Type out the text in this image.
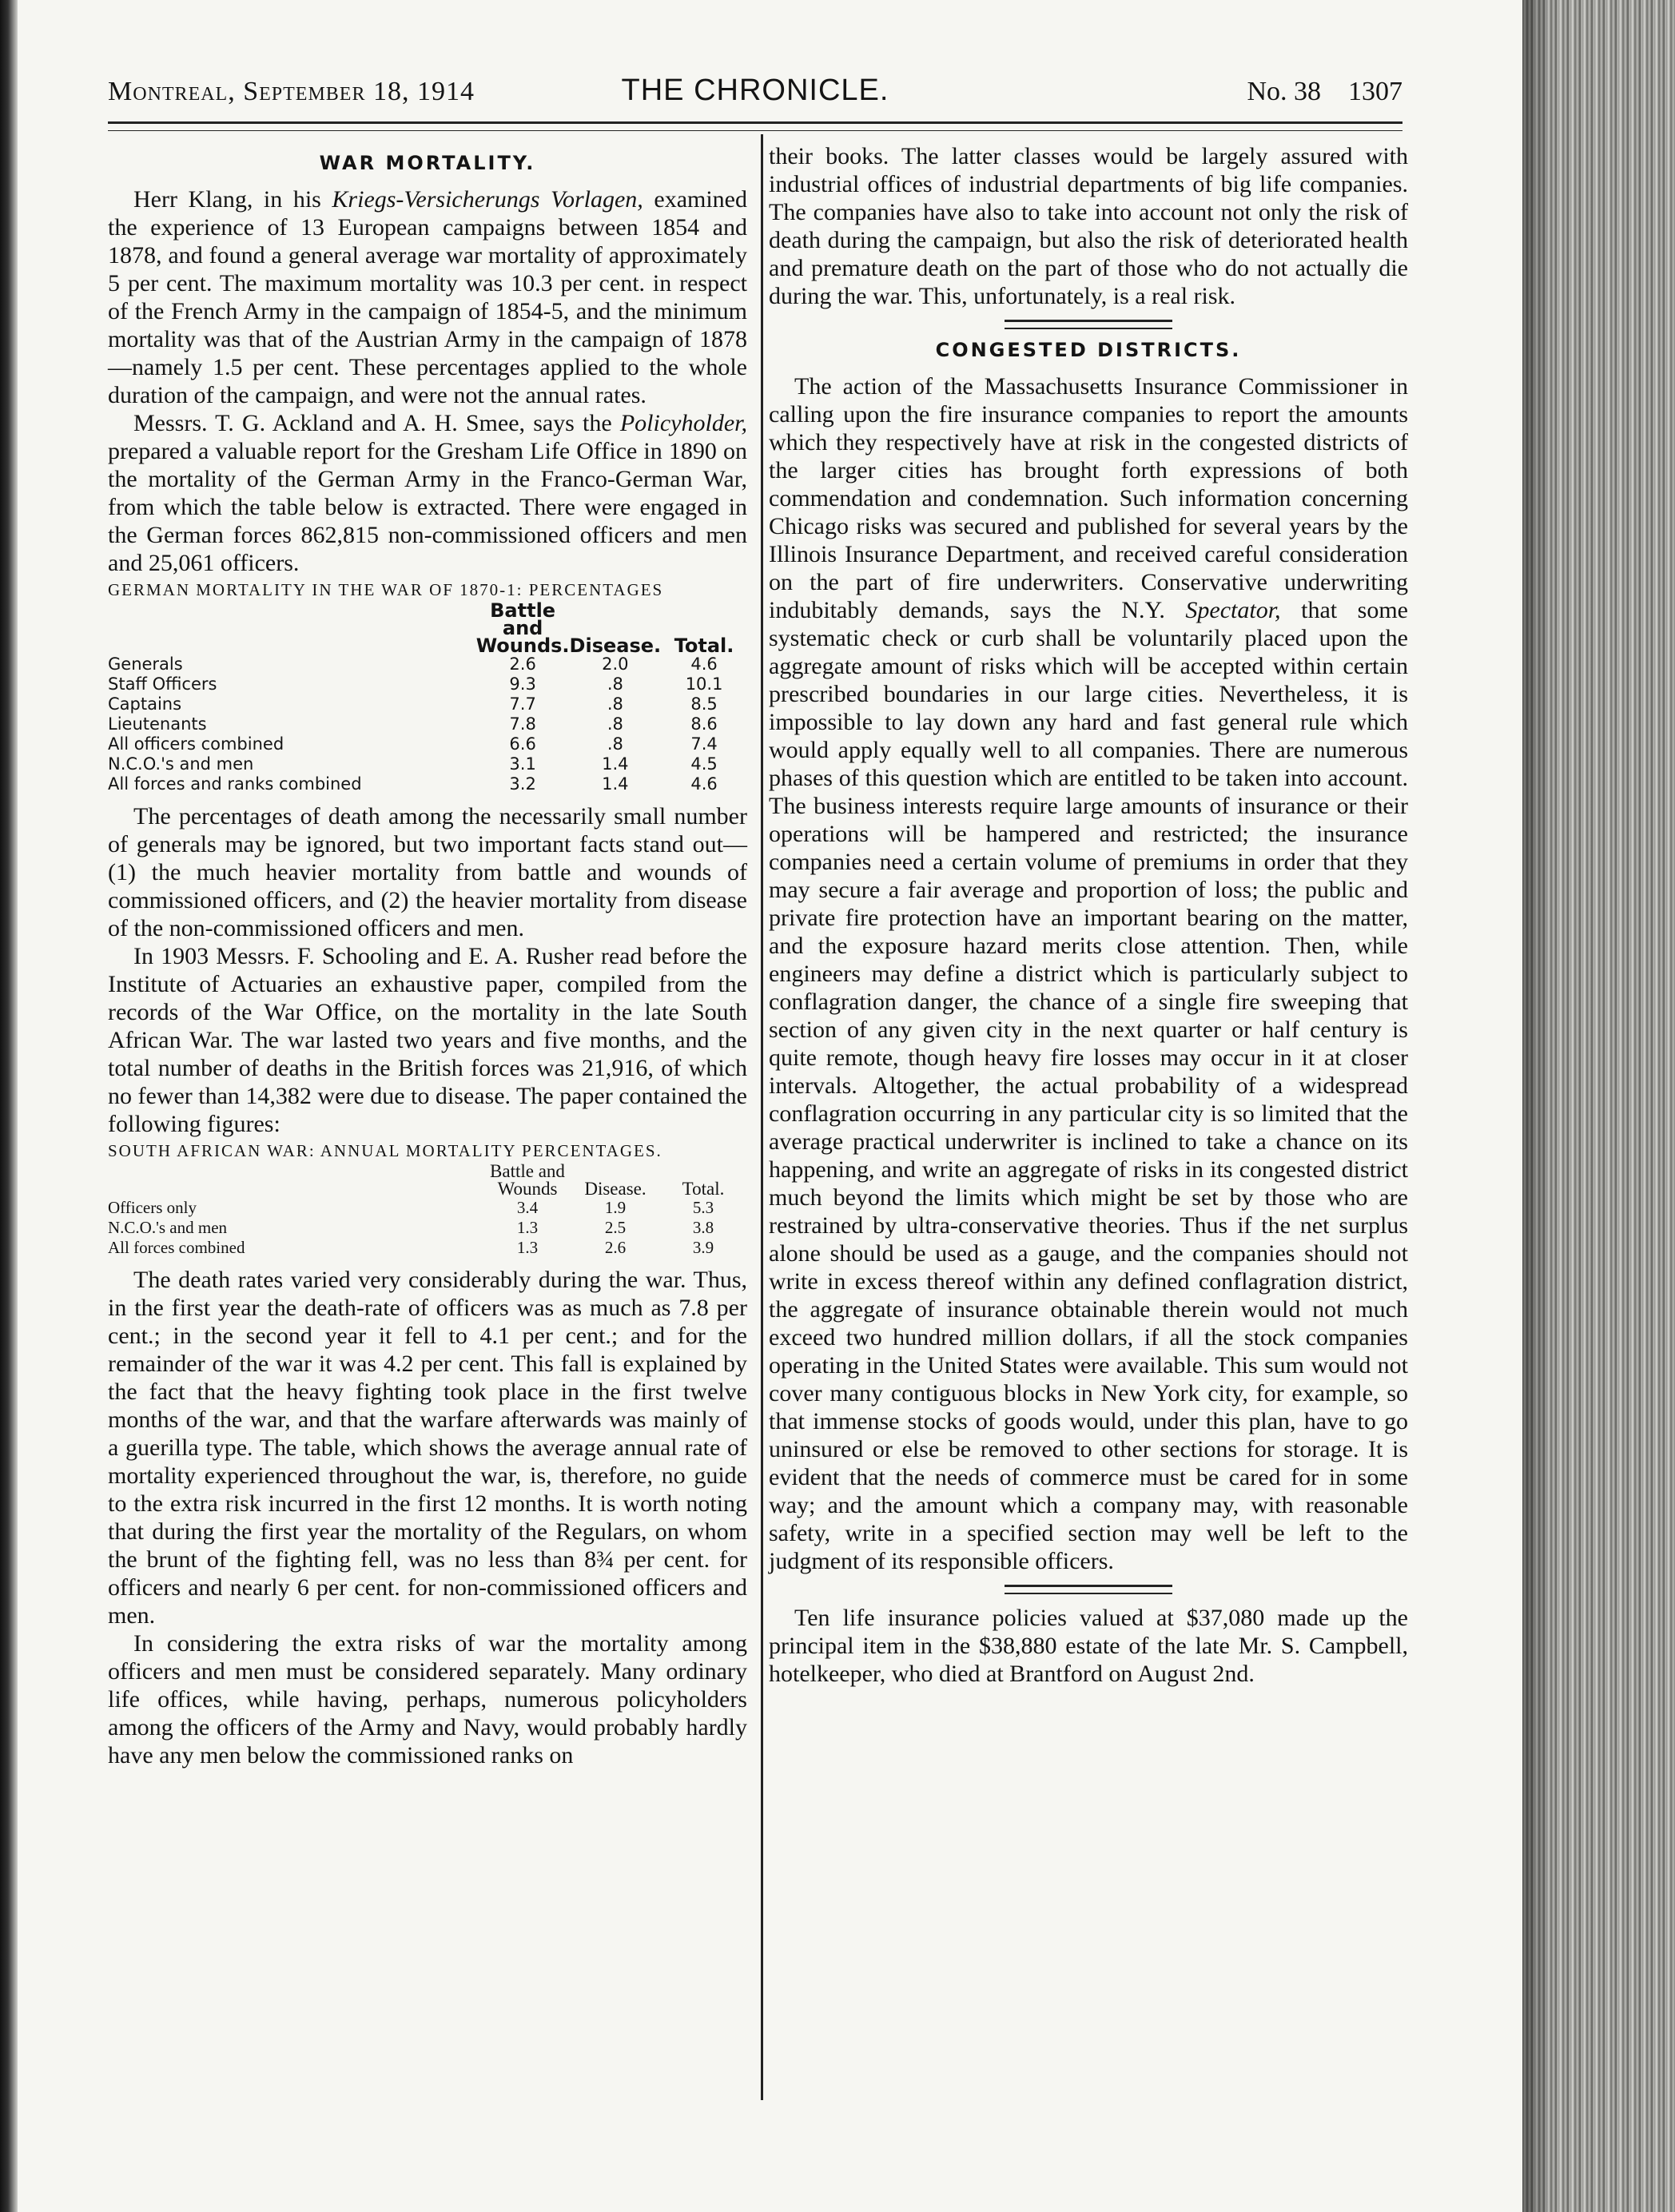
Montreal, September 18, 1914	THE CHRONICLE.	No. 38 1307
WAR MORTALITY.

Herr Klang, in his Kriegs-Versicherungs Vorlagen, examined the experience of 13 European campaigns between 1854 and 1878, and found a general average war mortality of approximately 5 per cent. The maximum mortality was 10.3 per cent. in respect of the French Army in the campaign of 1854-5, and the minimum mortality was that of the Austrian Army in the campaign of 1878—namely 1.5 per cent. These percentages applied to the whole duration of the campaign, and were not the annual rates.

Messrs. T. G. Ackland and A. H. Smee, says the Policyholder, prepared a valuable report for the Gresham Life Office in 1890 on the mortality of the German Army in the Franco-German War, from which the table below is extracted. There were engaged in the German forces 862,815 non-commissioned officers and men and 25,061 officers.

GERMAN MORTALITY IN THE WAR OF 1870-1: PERCENTAGES
	Battle and Wounds.	Disease.	Total.
Generals		2.6	2.0	4.6
Staff Officers		9.3	.8	10.1
Captains		7.7	.8	8.5
Lieutenants		7.8	.8	8.6
All officers combined		6.6	.8	7.4
N.C.O.'s and men		3.1	1.4	4.5
All forces and ranks combined		3.2	1.4	4.6

The percentages of death among the necessarily small number of generals may be ignored, but two important facts stand out—(1) the much heavier mortality from battle and wounds of commissioned officers, and (2) the heavier mortality from disease of the non-commissioned officers and men.

In 1903 Messrs. F. Schooling and E. A. Rusher read before the Institute of Actuaries an exhaustive paper, compiled from the records of the War Office, on the mortality in the late South African War. The war lasted two years and five months, and the total number of deaths in the British forces was 21,916, of which no fewer than 14,382 were due to disease. The paper contained the following figures:

SOUTH AFRICAN WAR: ANNUAL MORTALITY PERCENTAGES.
	Battle and Wounds	Disease.	Total.
Officers only		3.4	1.9	5.3
N.C.O.'s and men		1.3	2.5	3.8
All forces combined		1.3	2.6	3.9

The death rates varied very considerably during the war. Thus, in the first year the death-rate of officers was as much as 7.8 per cent.; in the second year it fell to 4.1 per cent.; and for the remainder of the war it was 4.2 per cent. This fall is explained by the fact that the heavy fighting took place in the first twelve months of the war, and that the warfare afterwards was mainly of a guerilla type. The table, which shows the average annual rate of mortality experienced throughout the war, is, therefore, no guide to the extra risk incurred in the first 12 months. It is worth noting that during the first year the mortality of the Regulars, on whom the brunt of the fighting fell, was no less than 8¾ per cent. for officers and nearly 6 per cent. for non-commissioned officers and men.

In considering the extra risks of war the mortality among officers and men must be considered separately. Many ordinary life offices, while having, perhaps, numerous policyholders among the officers of the Army and Navy, would probably hardly have any men below the commissioned ranks on

their books. The latter classes would be largely assured with industrial offices of industrial departments of big life companies. The companies have also to take into account not only the risk of death during the campaign, but also the risk of deteriorated health and premature death on the part of those who do not actually die during the war. This, unfortunately, is a real risk.

CONGESTED DISTRICTS.

The action of the Massachusetts Insurance Commissioner in calling upon the fire insurance companies to report the amounts which they respectively have at risk in the congested districts of the larger cities has brought forth expressions of both commendation and condemnation. Such information concerning Chicago risks was secured and published for several years by the Illinois Insurance Department, and received careful consideration on the part of fire underwriters. Conservative underwriting indubitably demands, says the N.Y. Spectator, that some systematic check or curb shall be voluntarily placed upon the aggregate amount of risks which will be accepted within certain prescribed boundaries in our large cities. Nevertheless, it is impossible to lay down any hard and fast general rule which would apply equally well to all companies. There are numerous phases of this question which are entitled to be taken into account. The business interests require large amounts of insurance or their operations will be hampered and restricted; the insurance companies need a certain volume of premiums in order that they may secure a fair average and proportion of loss; the public and private fire protection have an important bearing on the matter, and the exposure hazard merits close attention. Then, while engineers may define a district which is particularly subject to conflagration danger, the chance of a single fire sweeping that section of any given city in the next quarter or half century is quite remote, though heavy fire losses may occur in it at closer intervals. Altogether, the actual probability of a widespread conflagration occurring in any particular city is so limited that the average practical underwriter is inclined to take a chance on its happening, and write an aggregate of risks in its congested district much beyond the limits which might be set by those who are restrained by ultra-conservative theories. Thus if the net surplus alone should be used as a gauge, and the companies should not write in excess thereof within any defined conflagration district, the aggregate of insurance obtainable therein would not much exceed two hundred million dollars, if all the stock companies operating in the United States were available. This sum would not cover many contiguous blocks in New York city, for example, so that immense stocks of goods would, under this plan, have to go uninsured or else be removed to other sections for storage. It is evident that the needs of commerce must be cared for in some way; and the amount which a company may, with reasonable safety, write in a specified section may well be left to the judgment of its responsible officers.

Ten life insurance policies valued at $37,080 made up the principal item in the $38,880 estate of the late Mr. S. Campbell, hotelkeeper, who died at Brantford on August 2nd.
